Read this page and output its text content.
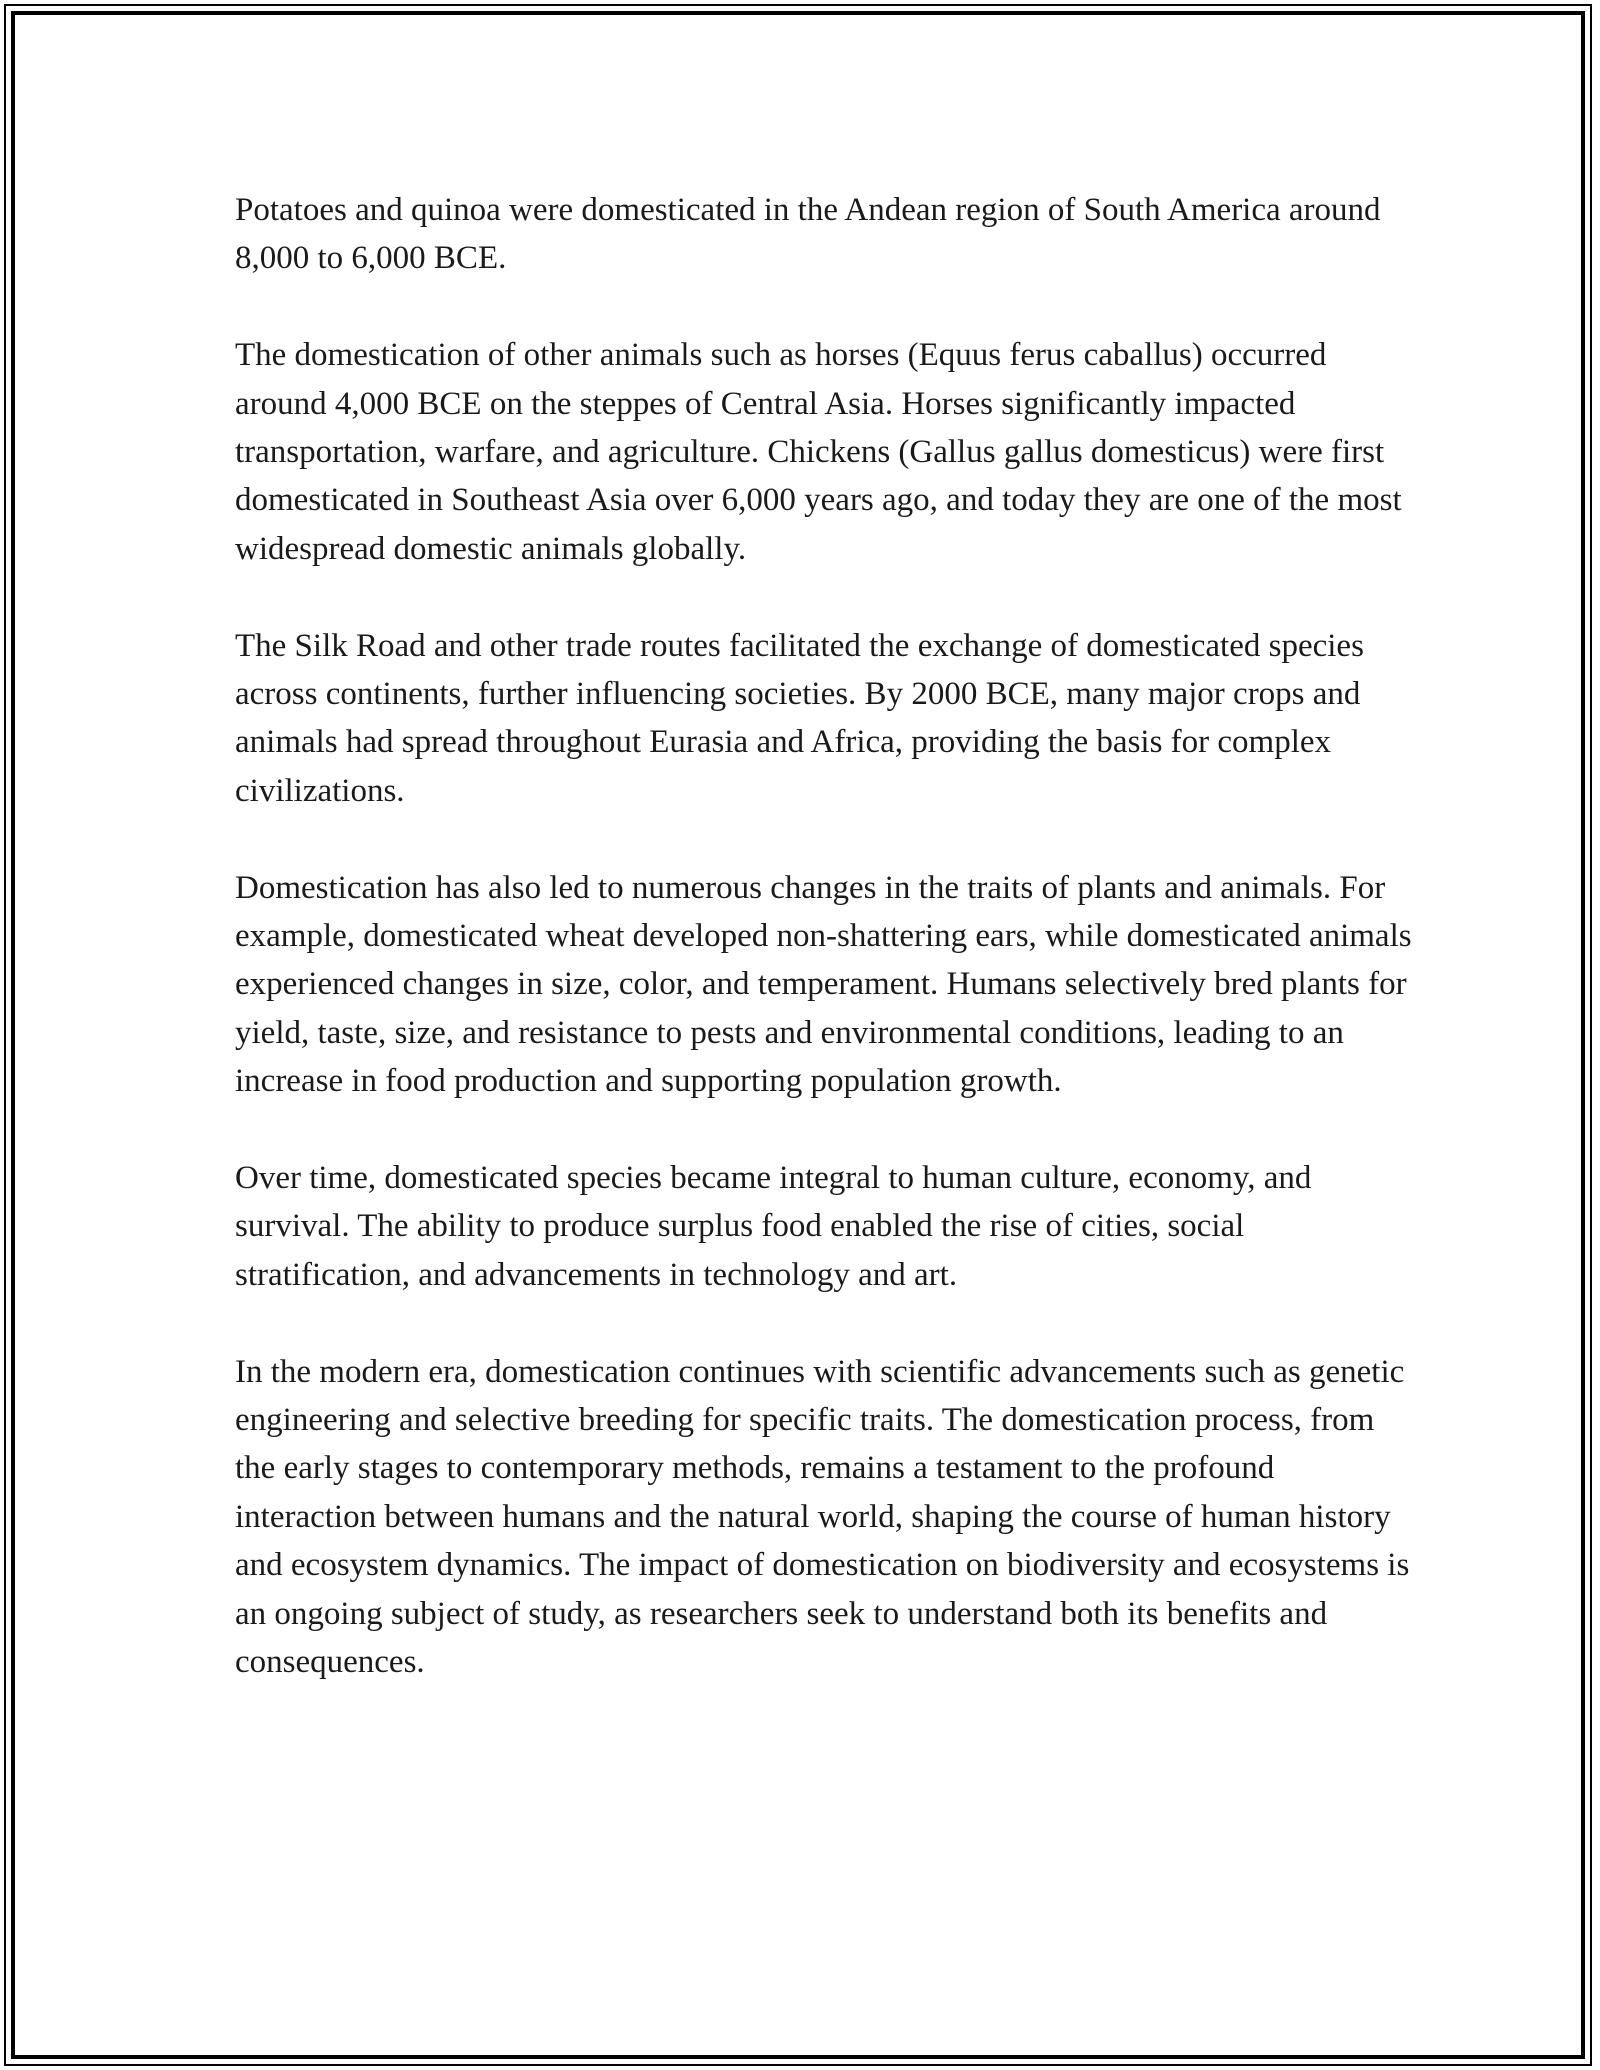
Potatoes and quinoa were domesticated in the Andean region of South America around 8,000 to 6,000 BCE.

The domestication of other animals such as horses (Equus ferus caballus) occurred around 4,000 BCE on the steppes of Central Asia. Horses significantly impacted transportation, warfare, and agriculture. Chickens (Gallus gallus domesticus) were first domesticated in Southeast Asia over 6,000 years ago, and today they are one of the most widespread domestic animals globally.

The Silk Road and other trade routes facilitated the exchange of domesticated species across continents, further influencing societies. By 2000 BCE, many major crops and animals had spread throughout Eurasia and Africa, providing the basis for complex civilizations.

Domestication has also led to numerous changes in the traits of plants and animals. For example, domesticated wheat developed non-shattering ears, while domesticated animals experienced changes in size, color, and temperament. Humans selectively bred plants for yield, taste, size, and resistance to pests and environmental conditions, leading to an increase in food production and supporting population growth.

Over time, domesticated species became integral to human culture, economy, and survival. The ability to produce surplus food enabled the rise of cities, social stratification, and advancements in technology and art.

In the modern era, domestication continues with scientific advancements such as genetic engineering and selective breeding for specific traits. The domestication process, from the early stages to contemporary methods, remains a testament to the profound interaction between humans and the natural world, shaping the course of human history and ecosystem dynamics. The impact of domestication on biodiversity and ecosystems is an ongoing subject of study, as researchers seek to understand both its benefits and consequences.
